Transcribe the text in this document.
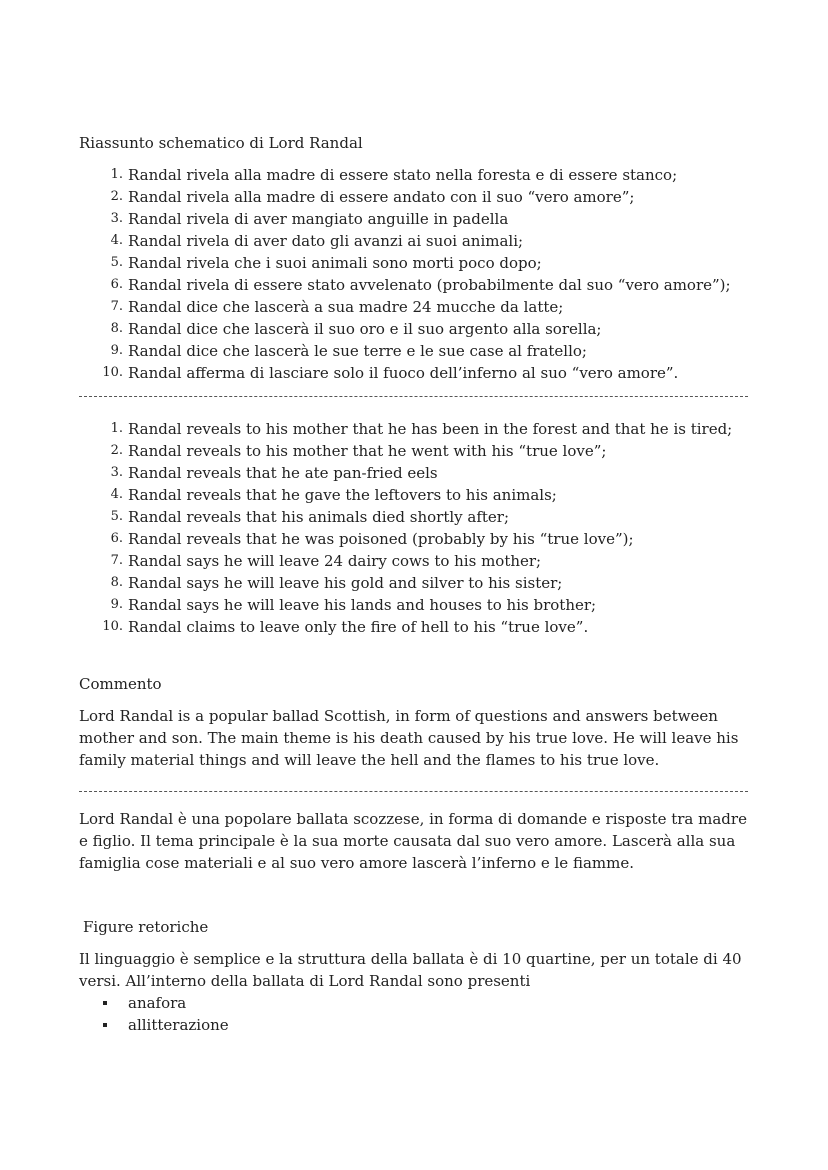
Riassunto schematico di Lord Randal
1. Randal rivela alla madre di essere stato nella foresta e di essere stanco;
2. Randal rivela alla madre di essere andato con il suo “vero amore”;
3. Randal rivela di aver mangiato anguille in padella
4. Randal rivela di aver dato gli avanzi ai suoi animali;
5. Randal rivela che i suoi animali sono morti poco dopo;
6. Randal rivela di essere stato avvelenato (probabilmente dal suo “vero amore”);
7. Randal dice che lascerà a sua madre 24 mucche da latte;
8. Randal dice che lascerà il suo oro e il suo argento alla sorella;
9. Randal dice che lascerà le sue terre e le sue case al fratello;
10. Randal afferma di lasciare solo il fuoco dell’inferno al suo “vero amore”.
1. Randal reveals to his mother that he has been in the forest and that he is tired;
2. Randal reveals to his mother that he went with his “true love”;
3. Randal reveals that he ate pan-fried eels
4. Randal reveals that he gave the leftovers to his animals;
5. Randal reveals that his animals died shortly after;
6. Randal reveals that he was poisoned (probably by his “true love”);
7. Randal says he will leave 24 dairy cows to his mother;
8. Randal says he will leave his gold and silver to his sister;
9. Randal says he will leave his lands and houses to his brother;
10. Randal claims to leave only the fire of hell to his “true love”.
Commento

Lord Randal is a popular ballad Scottish, in form of questions and answers between mother and son. The main theme is his death caused by his true love. He will leave his family material things and will leave the hell and the flames to his true love.

Lord Randal è una popolare ballata scozzese, in forma di domande e risposte tra madre e figlio. Il tema principale è la sua morte causata dal suo vero amore. Lascerà alla sua famiglia cose materiali e al suo vero amore lascerà l’inferno e le fiamme.

Figure retoriche

Il linguaggio è semplice e la struttura della ballata è di 10 quartine, per un totale di 40 versi. All’interno della ballata di Lord Randal sono presenti

anafora
allitterazione
